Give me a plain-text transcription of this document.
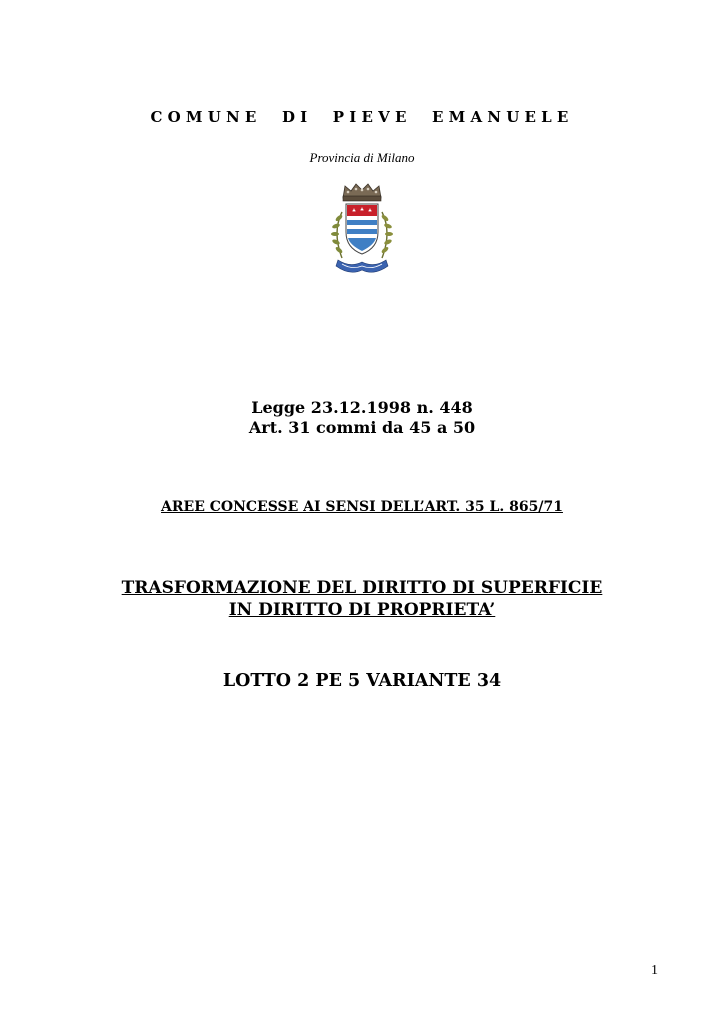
COMUNE DI PIEVE EMANUELE
Provincia di Milano
Legge 23.12.1998 n. 448
Art. 31 commi da 45 a 50
AREE CONCESSE AI SENSI DELL’ART. 35 L. 865/71
TRASFORMAZIONE DEL DIRITTO DI SUPERFICIE
IN DIRITTO DI PROPRIETA’
LOTTO 2 PE 5 VARIANTE 34
1
